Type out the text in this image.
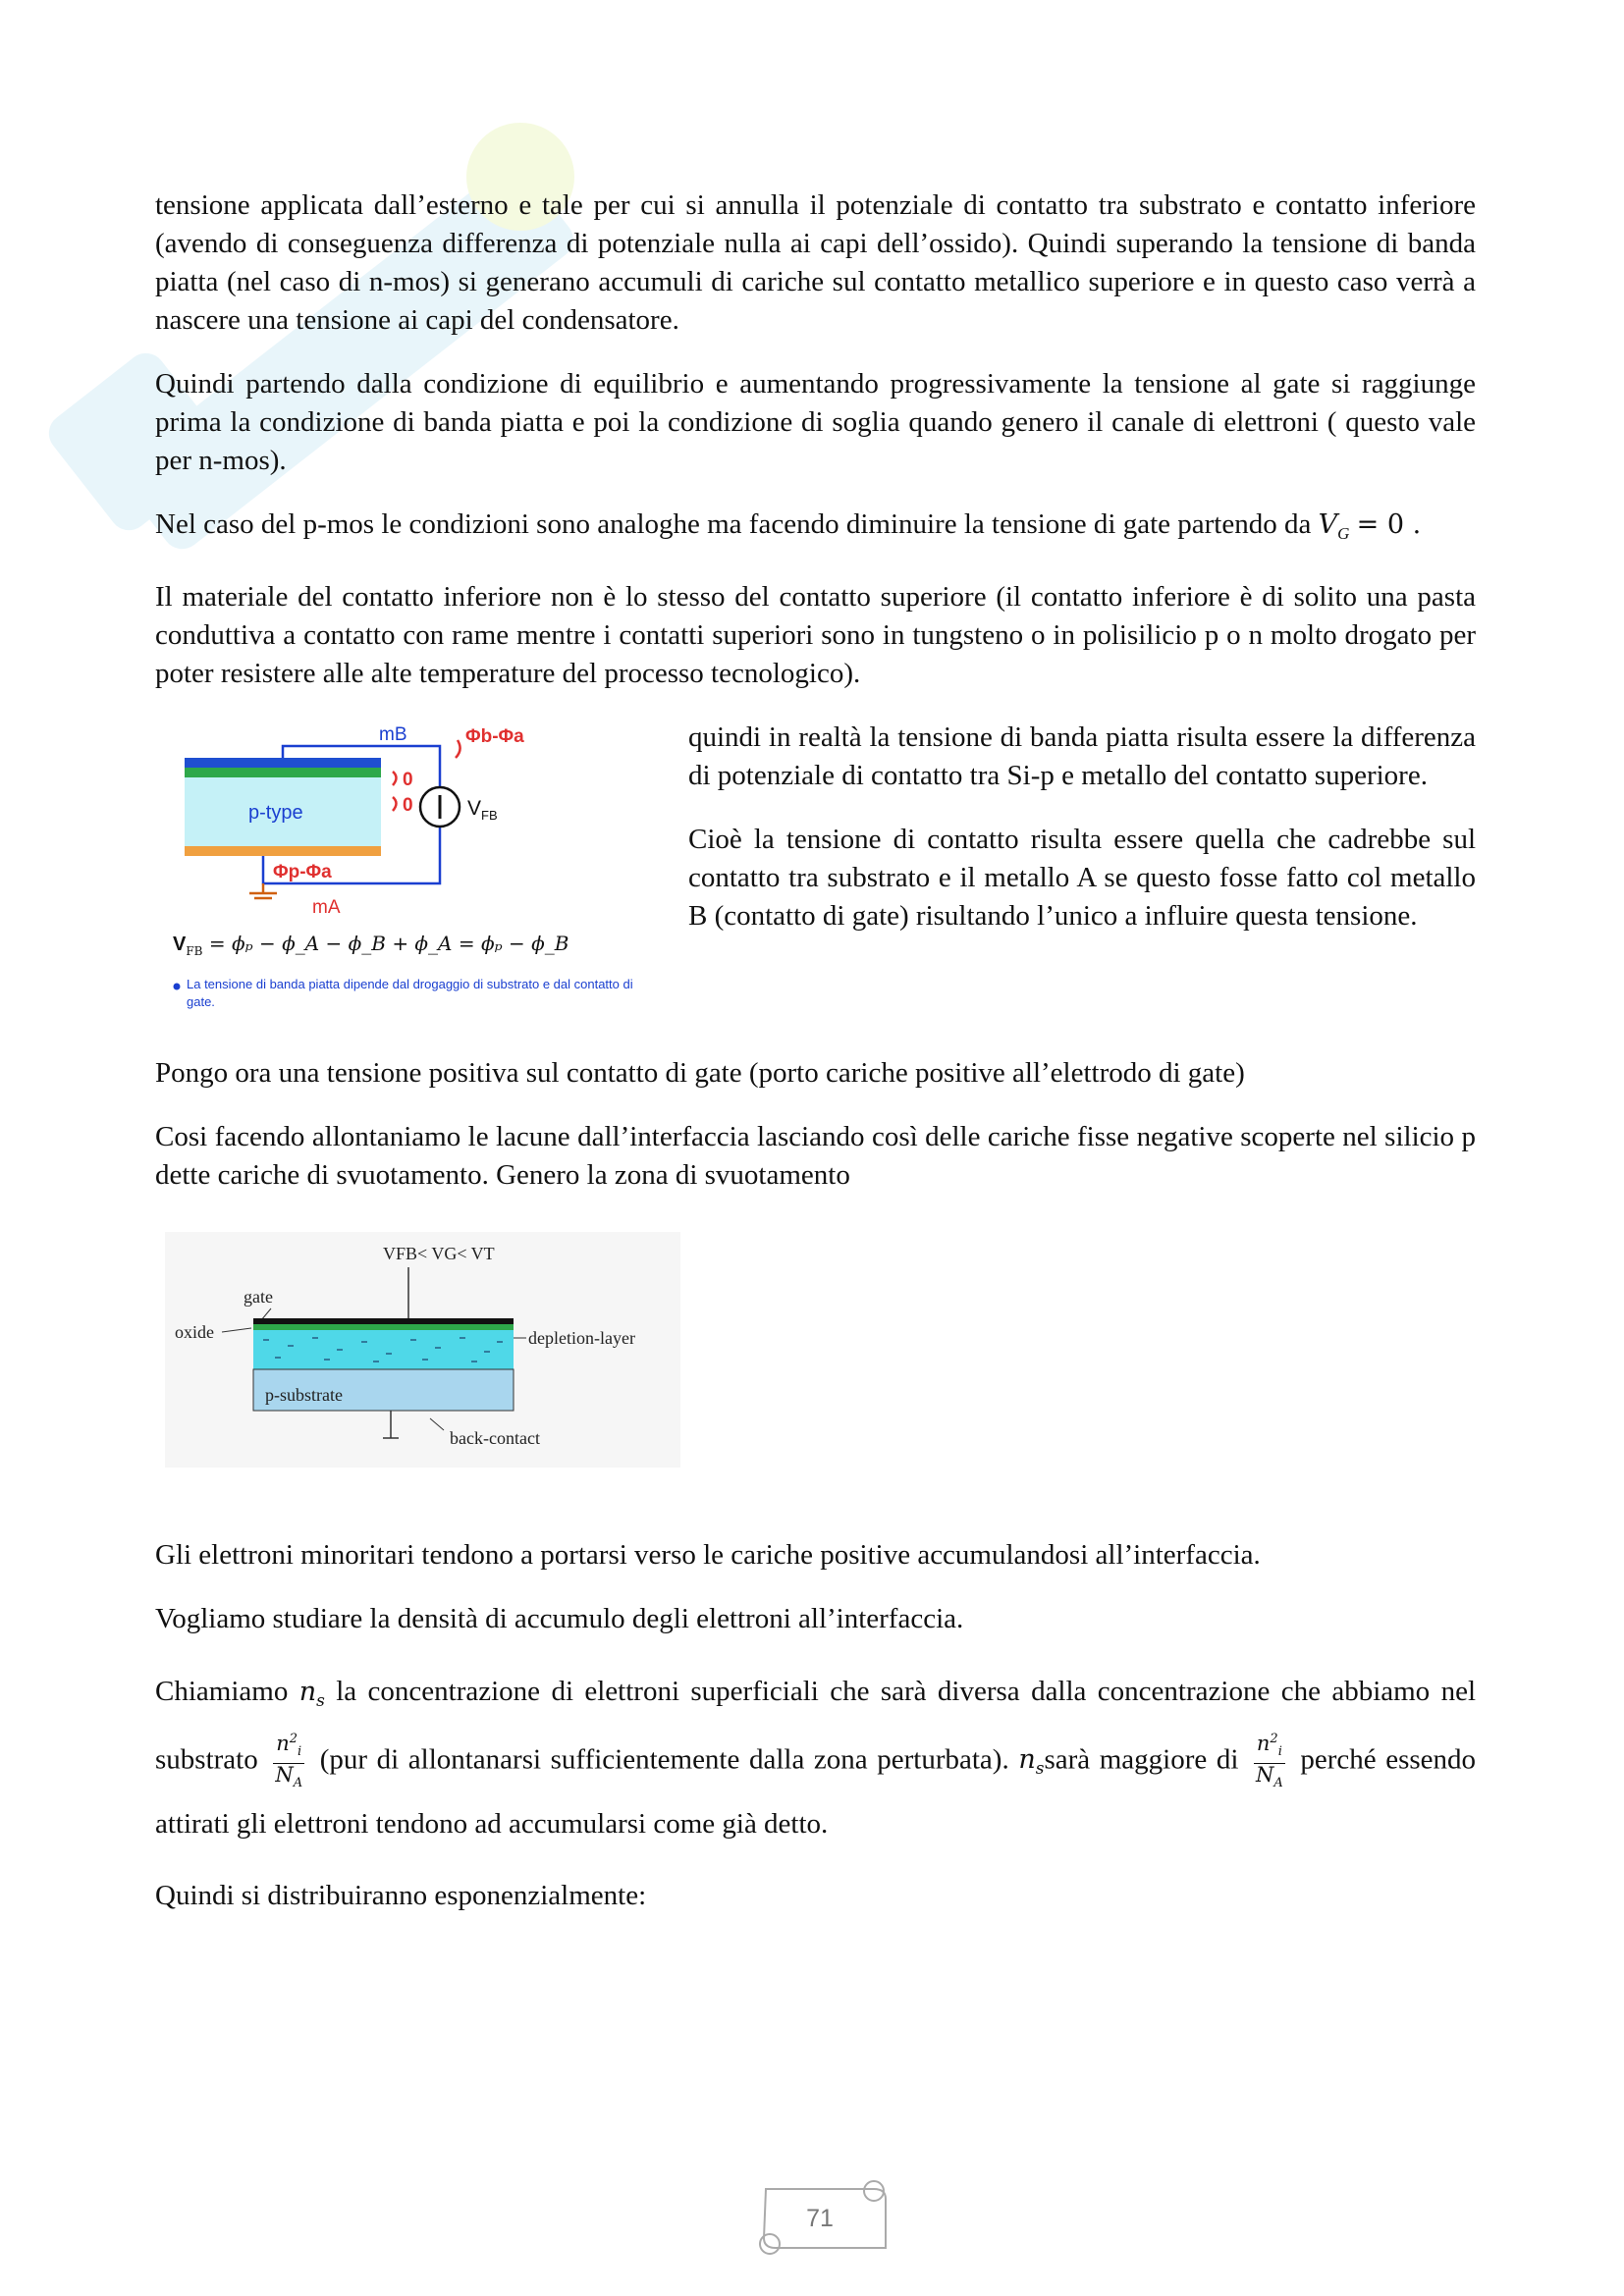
tensione applicata dall’esterno e tale per cui si annulla il potenziale di contatto tra substrato e contatto inferiore (avendo di conseguenza differenza di potenziale nulla ai capi dell’ossido). Quindi superando la tensione di banda piatta (nel caso di n-mos) si generano accumuli di cariche sul contatto metallico superiore e in questo caso verrà a nascere una tensione ai capi del condensatore.

Quindi partendo dalla condizione di equilibrio e aumentando progressivamente la tensione al gate si raggiunge prima la condizione di banda piatta e poi la condizione di soglia quando genero il canale di elettroni ( questo vale per n-mos).

Nel caso del p-mos le condizioni sono analoghe ma facendo diminuire la tensione di gate partendo da $V_G = 0$ .

Il materiale del contatto inferiore non è lo stesso del contatto superiore (il contatto inferiore è di solito una pasta conduttiva a contatto con rame mentre i contatti superiori sono in tungsteno o in polisilicio p o n molto drogato per poter resistere alle alte temperature del processo tecnologico).

mB
p-type	$V_{FB}$
Φb-Φa
0
0
Φp-Φa
mA
$V_{FB} = \phi_p$ − ϕ_A − ϕ_B + ϕ_A = ϕₚ − ϕ_B
La tensione di banda piatta dipende dal drogaggio di substrato e dal contatto di gate.

quindi in realtà la tensione di banda piatta risulta essere la differenza di potenziale di contatto tra Si-p e metallo del contatto superiore.

Cioè la tensione di contatto risulta essere quella che cadrebbe sul contatto tra substrato e il metallo A se questo fosse fatto col metallo B (contatto di gate) risultando l’unico a influire questa tensione.

Pongo ora una tensione positiva sul contatto di gate (porto cariche positive all’elettrodo di gate)

Cosi facendo allontaniamo le lacune dall’interfaccia lasciando così delle cariche fisse negative scoperte nel silicio p dette cariche di svuotamento. Genero la zona di svuotamento

VFB< VG< VT
gate
oxide	depletion-layer
p-substrate
back-contact

Gli elettroni minoritari tendono a portarsi verso le cariche positive accumulandosi all’interfaccia.

Vogliamo studiare la densità di accumulo degli elettroni all’interfaccia.

Chiamiamo $n_s$ la concentrazione di elettroni superficiali che sarà diversa dalla concentrazione che abbiamo nel substrato $\frac{n^2_i}{N_A} (pur$ di allontanarsi sufficientemente dalla zona perturbata). $n_ssarà$ maggiore di $\frac{n^2_i}{N_A}$ perché essendo attirati gli elettroni tendono ad accumularsi come già detto.

Quindi si distribuiranno esponenzialmente:

71
